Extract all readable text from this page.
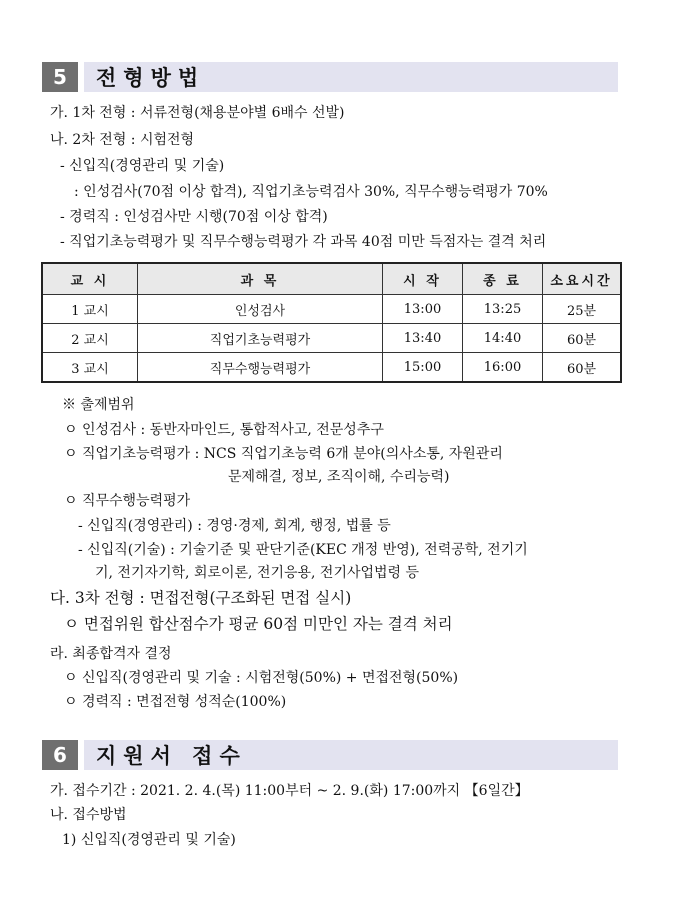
5	전형방법
가. 1차 전형 : 서류전형(채용분야별 6배수 선발)
나. 2차 전형 : 시험전형
- 신입직(경영관리 및 기술)
: 인성검사(70점 이상 합격), 직업기초능력검사 30%, 직무수행능력평가 70%
- 경력직 : 인성검사만 시행(70점 이상 합격)
- 직업기초능력평가 및 직무수행능력평가 각 과목 40점 미만 득점자는 결격 처리
교 시	과 목	시 작	종 료	소요시간
1 교시	인성검사	13:00	13:25	25분
2 교시	직업기초능력평가	13:40	14:40	60분
3 교시	직무수행능력평가	15:00	16:00	60분
※ 출제범위
ㅇ 인성검사 : 동반자마인드, 통합적사고, 전문성추구
ㅇ 직업기초능력평가 : NCS 직업기초능력 6개 분야(의사소통, 자원관리
문제해결, 정보, 조직이해, 수리능력)
ㅇ 직무수행능력평가
- 신입직(경영관리) : 경영·경제, 회계, 행정, 법률 등
- 신입직(기술) : 기술기준 및 판단기준(KEC 개정 반영), 전력공학, 전기기
기, 전기자기학, 회로이론, 전기응용, 전기사업법령 등
다. 3차 전형 : 면접전형(구조화된 면접 실시)
ㅇ 면접위원 합산점수가 평균 60점 미만인 자는 결격 처리
라. 최종합격자 결정
ㅇ 신입직(경영관리 및 기술 : 시험전형(50%) + 면접전형(50%)
ㅇ 경력직 : 면접전형 성적순(100%)
6	지원서 접수
가. 접수기간 : 2021. 2. 4.(목) 11:00부터 ~ 2. 9.(화) 17:00까지 【6일간】
나. 접수방법
1) 신입직(경영관리 및 기술)
